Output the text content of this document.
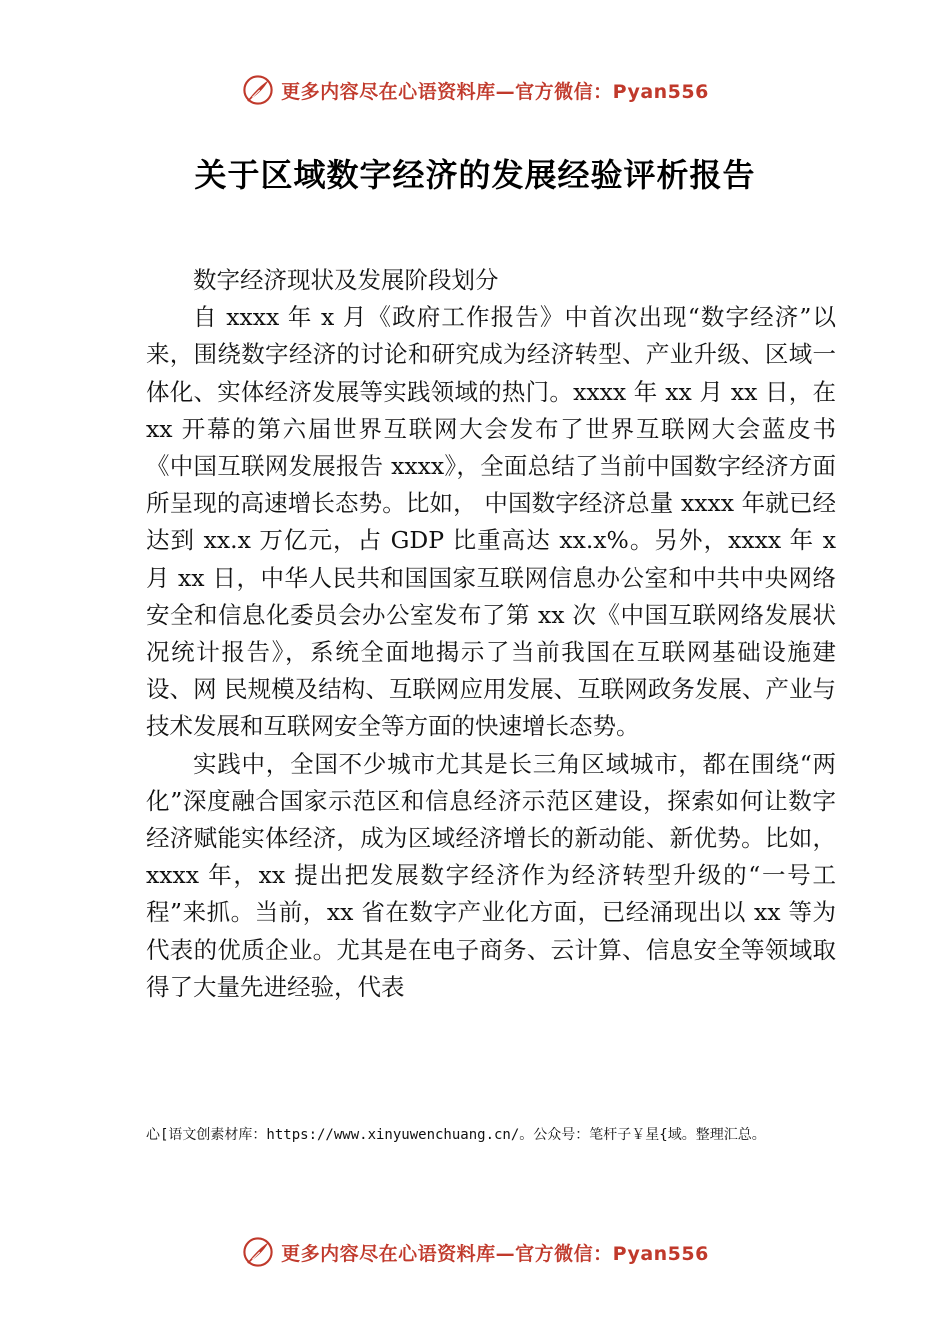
更多内容尽在心语资料库—官方微信：Pyan556
关于区域数字经济的发展经验评析报告

数字经济现状及发展阶段划分

自 xxxx 年 x 月《政府工作报告》中首次出现“数字经济”以来，围绕数字经济的讨论和研究成为经济转型、产业升级、区域一体化、实体经济发展等实践领域的热门。xxxx 年 xx 月 xx 日，在 xx 开幕的第六届世界互联网大会发布了世界互联网大会蓝皮书《中国互联网发展报告 xxxx》，全面总结了当前中国数字经济方面所呈现的高速增长态势。比如， 中国数字经济总量 xxxx 年就已经达到 xx.x 万亿元，占 GDP 比重高达 xx.x%。另外，xxxx 年 x 月 xx 日，中华人民共和国国家互联网信息办公室和中共中央网络安全和信息化委员会办公室发布了第 xx 次《中国互联网络发展状况统计报告》，系统全面地揭示了当前我国在互联网基础设施建设、网 民规模及结构、互联网应用发展、互联网政务发展、产业与 技术发展和互联网安全等方面的快速增长态势。

实践中，全国不少城市尤其是长三角区域城市，都在围绕“两化”深度融合国家示范区和信息经济示范区建设，探索如何让数字经济赋能实体经济，成为区域经济增长的新动能、新优势。比如，xxxx 年，xx 提出把发展数字经济作为经济转型升级的“一号工程”来抓。当前，xx 省在数字产业化方面，已经涌现出以 xx 等为代表的优质企业。尤其是在电子商务、云计算、信息安全等领域取得了大量先进经验，代表

心[语文创素材库：https://www.xinyuwenchuang.cn/。公众号：笔杆子￥星{域。整理汇总。
更多内容尽在心语资料库—官方微信：Pyan556
